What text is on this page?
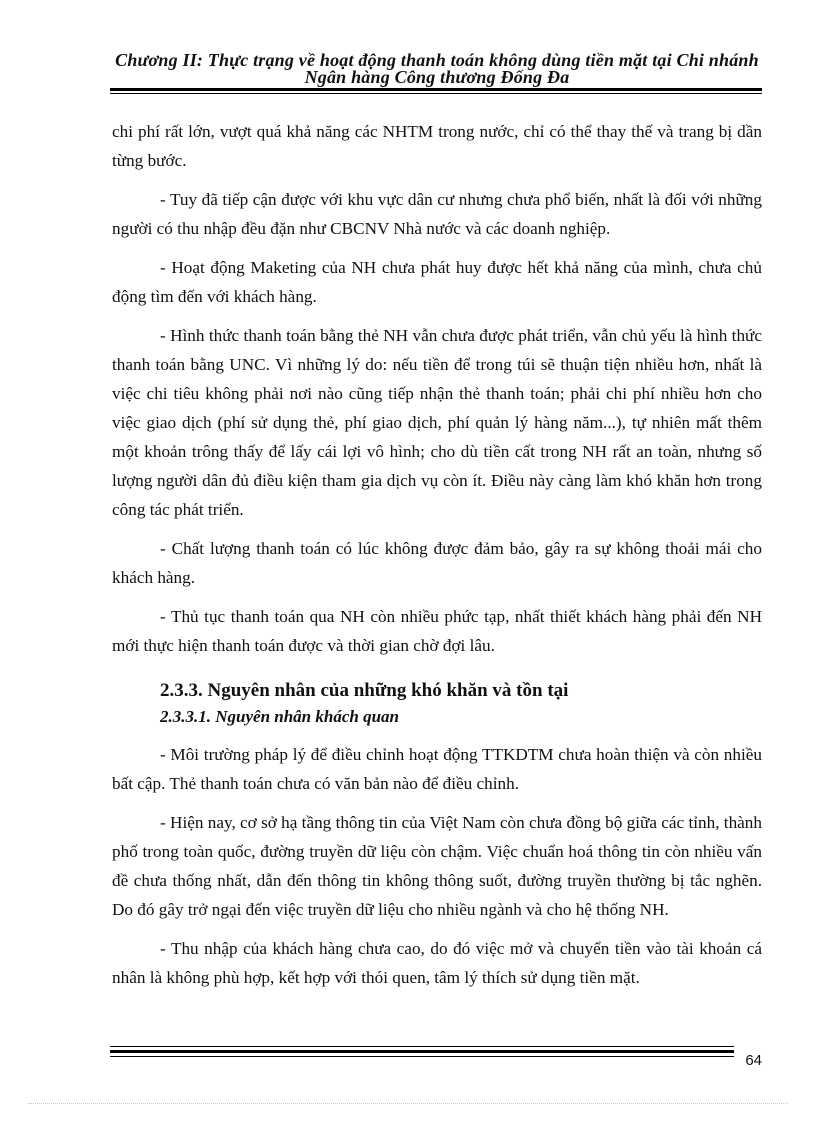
Chương II: Thực trạng về hoạt động thanh toán không dùng tiền mặt tại Chi nhánh Ngân hàng Công thương Đống Đa

chi phí rất lớn, vượt quá khả năng các NHTM trong nước, chỉ có thể thay thế và trang bị dần từng bước.

- Tuy đã tiếp cận được với khu vực dân cư nhưng chưa phổ biến, nhất là đối với những người có thu nhập đều đặn như CBCNV Nhà nước và các doanh nghiệp.

- Hoạt động Maketing của NH chưa phát huy được hết khả năng của mình, chưa chủ động tìm đến với khách hàng.

- Hình thức thanh toán bằng thẻ NH vẫn chưa được phát triển, vẫn chủ yếu là hình thức thanh toán bằng UNC. Vì những lý do: nếu tiền để trong túi sẽ thuận tiện nhiều hơn, nhất là việc chi tiêu không phải nơi nào cũng tiếp nhận thẻ thanh toán; phải chi phí nhiều hơn cho việc giao dịch (phí sử dụng thẻ, phí giao dịch, phí quản lý hàng năm...), tự nhiên mất thêm một khoản trông thấy để lấy cái lợi vô hình; cho dù tiền cất trong NH rất an toàn, nhưng số lượng người dân đủ điều kiện tham gia dịch vụ còn ít. Điều này càng làm khó khăn hơn trong công tác phát triển.

- Chất lượng thanh toán có lúc không được đảm bảo, gây ra sự không thoải mái cho khách hàng.

- Thủ tục thanh toán qua NH còn nhiều phức tạp, nhất thiết khách hàng phải đến NH mới thực hiện thanh toán được và thời gian chờ đợi lâu.

2.3.3. Nguyên nhân của những khó khăn và tồn tại
2.3.3.1. Nguyên nhân khách quan

- Môi trường pháp lý để điều chỉnh hoạt động TTKDTM chưa hoàn thiện và còn nhiều bất cập. Thẻ thanh toán chưa có văn bản nào để điều chỉnh.

- Hiện nay, cơ sở hạ tầng thông tin của Việt Nam còn chưa đồng bộ giữa các tỉnh, thành phố trong toàn quốc, đường truyền dữ liệu còn chậm. Việc chuẩn hoá thông tin còn nhiều vấn đề chưa thống nhất, dẫn đến thông tin không thông suốt, đường truyền thường bị tắc nghẽn. Do đó gây trở ngại đến việc truyền dữ liệu cho nhiều ngành và cho hệ thống NH.

- Thu nhập của khách hàng chưa cao, do đó việc mở và chuyển tiền vào tài khoản cá nhân là không phù hợp, kết hợp với thói quen, tâm lý thích sử dụng tiền mặt.

64
